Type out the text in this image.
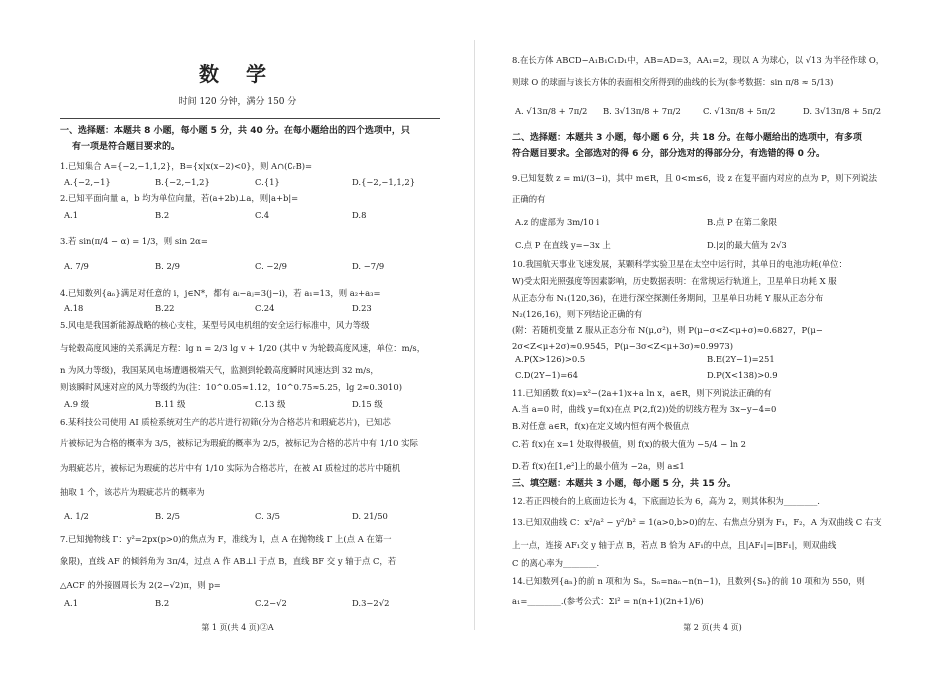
数 学
时间 120 分钟，满分 150 分
第 1 页(共 4 页)②A
一、选择题：本题共 8 小题，每小题 5 分，共 40 分。在每小题给出的四个选项中，只
有一项是符合题目要求的。
1.已知集合 A={−2,−1,1,2}，B={x|x(x−2)<0}，则 A∩(∁ᵣB)=
2.已知平面向量 a，b 均为单位向量，若(a+2b)⊥a，则|a+b|=
3.若 sin(π/4 − α) = 1/3，则 sin 2α=
4.已知数列{aₙ}满足对任意的 i，j∈N*，都有 aᵢ−aⱼ=3(j−i)，若 a₁=13，则 a₂+a₃=
5.风电是我国新能源战略的核心支柱，某型号风电机组的安全运行标准中，风力等级
与轮毂高度风速的关系满足方程：lg n = 2/3 lg v + 1/20 (其中 v 为轮毂高度风速，单位：m/s，
n 为风力等级)，我国某风电场遭遇极端天气，监测到轮毂高度瞬时风速达到 32 m/s，
则该瞬时风速对应的风力等级约为(注：10^0.05≈1.12，10^0.75≈5.25，lg 2≈0.3010)
6.某科技公司使用 AI 质检系统对生产的芯片进行初筛(分为合格芯片和瑕疵芯片)，已知芯
片被标记为合格的概率为 3/5，被标记为瑕疵的概率为 2/5，被标记为合格的芯片中有 1/10 实际
为瑕疵芯片，被标记为瑕疵的芯片中有 1/10 实际为合格芯片，在被 AI 质检过的芯片中随机
抽取 1 个，该芯片为瑕疵芯片的概率为
7.已知抛物线 Γ：y²=2px(p>0)的焦点为 F，准线为 l，点 A 在抛物线 Γ 上(点 A 在第一
象限)，直线 AF 的倾斜角为 3π/4，过点 A 作 AB⊥l 于点 B，直线 BF 交 y 轴于点 C，若
△ACF 的外接圆周长为 2(2−√2)π，则 p=
A.{−2,−1}	B.{−2,−1,2}	C.{1}	D.{−2,−1,1,2}
A.1	B.2	C.4	D.8
A. 7/9	B. 2/9	C. −2/9	D. −7/9
A.18	B.22	C.24	D.23
A.9 级	B.11 级	C.13 级	D.15 级
A. 1/2	B. 2/5	C. 3/5	D. 21/50
A.1	B.2	C.2−√2	D.3−2√2
第 2 页(共 4 页)
8.在长方体 ABCD−A₁B₁C₁D₁中，AB=AD=3，AA₁=2，现以 A 为球心，以 √13 为半径作球 O，
则球 O 的球面与该长方体的表面相交所得到的曲线的长为(参考数据：sin π/8 ≈ 5/13)
二、选择题：本题共 3 小题，每小题 6 分，共 18 分。在每小题给出的选项中，有多项
符合题目要求。全部选对的得 6 分，部分选对的得部分分，有选错的得 0 分。
9.已知复数 z = mi/(3−i)，其中 m∈R，且 0<m≤6，设 z 在复平面内对应的点为 P，则下列说法
正确的有
10.我国航天事业飞速发展，某颗科学实验卫星在太空中运行时，其单日的电池功耗(单位：
W)受太阳光照强度等因素影响，历史数据表明：在常规运行轨道上，卫星单日功耗 X 服
从正态分布 N₁(120,36)，在进行深空探测任务期间，卫星单日功耗 Y 服从正态分布
N₂(126,16)，则下列结论正确的有
(附：若随机变量 Z 服从正态分布 N(μ,σ²)，则 P(μ−σ<Z<μ+σ)≈0.6827，P(μ−
2σ<Z<μ+2σ)≈0.9545，P(μ−3σ<Z<μ+3σ)≈0.9973)
11.已知函数 f(x)=x²−(2a+1)x+a ln x，a∈R，则下列说法正确的有
A.当 a=0 时，曲线 y=f(x)在点 P(2,f(2))处的切线方程为 3x−y−4=0
B.对任意 a∈R，f(x)在定义域内恒有两个极值点
C.若 f(x)在 x=1 处取得极值，则 f(x)的极大值为 −5/4 − ln 2
D.若 f(x)在[1,e²]上的最小值为 −2a，则 a≤1
三、填空题：本题共 3 小题，每小题 5 分，共 15 分。
12.若正四棱台的上底面边长为 4，下底面边长为 6，高为 2，则其体积为________.
13.已知双曲线 C：x²/a² − y²/b² = 1(a>0,b>0)的左、右焦点分别为 F₁，F₂，A 为双曲线 C 右支
上一点，连接 AF₁交 y 轴于点 B，若点 B 恰为 AF₁的中点，且|AF₁|=|BF₁|，则双曲线
C 的离心率为________.
14.已知数列{aₙ}的前 n 项和为 Sₙ，Sₙ=naₙ−n(n−1)，且数列{Sₙ}的前 10 项和为 550，则
a₁=________.(参考公式：Σi² = n(n+1)(2n+1)/6)
A. √13π/8 + 7π/2 B. 3√13π/8 + 7π/2	C. √13π/8 + 5π/2	D. 3√13π/8 + 5π/2
A.z 的虚部为 3m/10 i	B.点 P 在第二象限
C.点 P 在直线 y=−3x 上	D.|z|的最大值为 2√3
A.P(X>126)>0.5	B.E(2Y−1)=251
C.D(2Y−1)=64	D.P(X<138)>0.9
